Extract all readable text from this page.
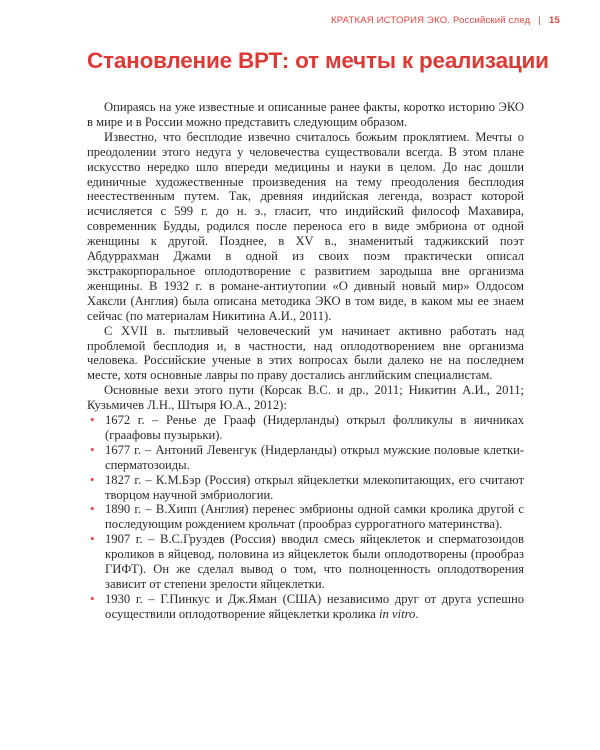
КРАТКАЯ ИСТОРИЯ ЭКО. Российский след | 15
Становление ВРТ: от мечты к реализации

Опираясь на уже известные и описанные ранее факты, коротко историю ЭКО в мире и в России можно представить следующим образом.

Известно, что бесплодие извечно считалось божьим проклятием. Мечты о преодолении этого недуга у человечества существовали всегда. В этом плане искусство нередко шло впереди медицины и науки в целом. До нас дошли единичные художественные произведения на тему преодоления бесплодия неестественным путем. Так, древняя индийская легенда, возраст которой исчисляется с 599 г. до н. э., гласит, что индийский философ Махавира, современник Будды, родился после переноса его в виде эмбриона от одной женщины к другой. Позднее, в XV в., знаменитый таджикский поэт Абдуррахман Джами в одной из своих поэм практически описал экстракорпоральное оплодотворение с развитием зародыша вне организма женщины. В 1932 г. в романе-антиутопии «О дивный новый мир» Олдосом Хаксли (Англия) была описана методика ЭКО в том виде, в каком мы ее знаем сейчас (по материалам Никитина А.И., 2011).

С XVII в. пытливый человеческий ум начинает активно работать над проблемой бесплодия и, в частности, над оплодотворением вне организма человека. Российские ученые в этих вопросах были далеко не на последнем месте, хотя основные лавры по праву достались английским специалистам.

Основные вехи этого пути (Корсак В.С. и др., 2011; Никитин А.И., 2011; Кузьмичев Л.Н., Штыря Ю.А., 2012):

• 1672 г. – Ренье де Грааф (Нидерланды) открыл фолликулы в яичниках (граафовы пузырьки).
• 1677 г. – Антоний Левенгук (Нидерланды) открыл мужские половые клетки-сперматозоиды.
• 1827 г. – К.М.Бэр (Россия) открыл яйцеклетки млекопитающих, его считают творцом научной эмбриологии.
• 1890 г. – В.Хипп (Англия) перенес эмбрионы одной самки кролика другой с последующим рождением крольчат (прообраз суррогатного материнства).
• 1907 г. – В.С.Груздев (Россия) вводил смесь яйцеклеток и сперматозоидов кроликов в яйцевод, половина из яйцеклеток были оплодотворены (прообраз ГИФТ). Он же сделал вывод о том, что полноценность оплодотворения зависит от степени зрелости яйцеклетки.
• 1930 г. – Г.Пинкус и Дж.Яман (США) независимо друг от друга успешно осуществили оплодотворение яйцеклетки кролика in vitro.
